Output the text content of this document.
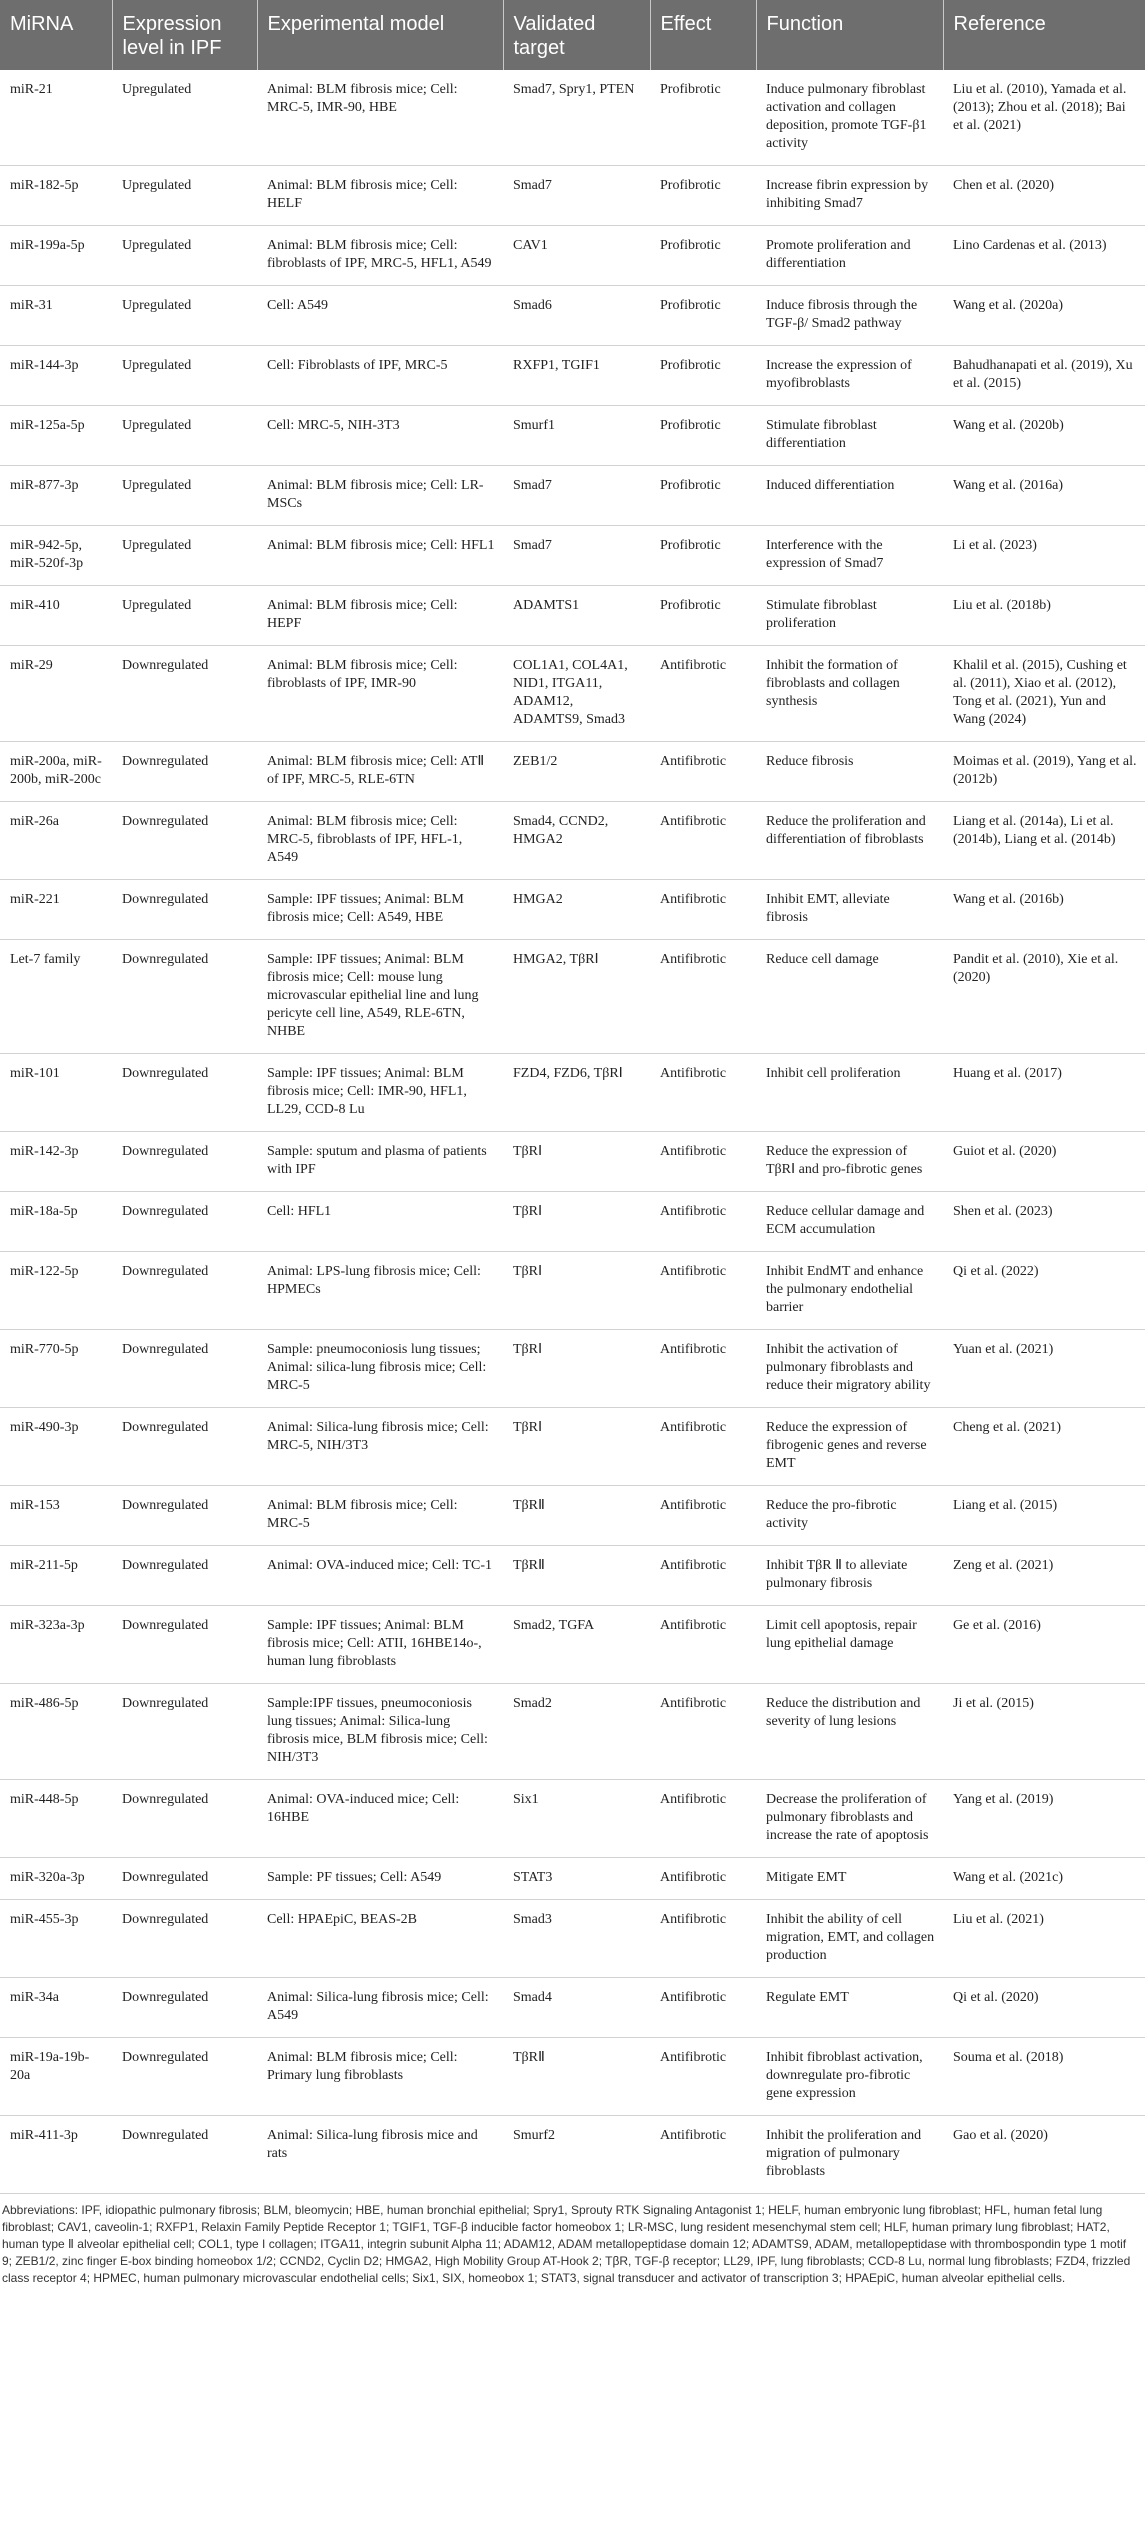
MiRNA	Expression level in IPF	Experimental model	Validated target	Effect	Function	Reference
miR-21	Upregulated	Animal: BLM fibrosis mice; Cell: MRC-5, IMR-90, HBE	Smad7, Spry1, PTEN	Profibrotic	Induce pulmonary fibroblast activation and collagen deposition, promote TGF-β1 activity	Liu et al. (2010), Yamada et al. (2013); Zhou et al. (2018); Bai et al. (2021)
miR-182-5p	Upregulated	Animal: BLM fibrosis mice; Cell: HELF	Smad7	Profibrotic	Increase fibrin expression by inhibiting Smad7	Chen et al. (2020)
miR-199a-5p	Upregulated	Animal: BLM fibrosis mice; Cell: fibroblasts of IPF, MRC-5, HFL1, A549	CAV1	Profibrotic	Promote proliferation and differentiation	Lino Cardenas et al. (2013)
miR-31	Upregulated	Cell: A549	Smad6	Profibrotic	Induce fibrosis through the TGF-β/ Smad2 pathway	Wang et al. (2020a)
miR-144-3p	Upregulated	Cell: Fibroblasts of IPF, MRC-5	RXFP1, TGIF1	Profibrotic	Increase the expression of myofibroblasts	Bahudhanapati et al. (2019), Xu et al. (2015)
miR-125a-5p	Upregulated	Cell: MRC-5, NIH-3T3	Smurf1	Profibrotic	Stimulate fibroblast differentiation	Wang et al. (2020b)
miR-877-3p	Upregulated	Animal: BLM fibrosis mice; Cell: LR-MSCs	Smad7	Profibrotic	Induced differentiation	Wang et al. (2016a)
miR-942-5p, miR-520f-3p	Upregulated	Animal: BLM fibrosis mice; Cell: HFL1	Smad7	Profibrotic	Interference with the expression of Smad7	Li et al. (2023)
miR-410	Upregulated	Animal: BLM fibrosis mice; Cell: HEPF	ADAMTS1	Profibrotic	Stimulate fibroblast proliferation	Liu et al. (2018b)
miR-29	Downregulated	Animal: BLM fibrosis mice; Cell: fibroblasts of IPF, IMR-90	COL1A1, COL4A1, NID1, ITGA11, ADAM12, ADAMTS9, Smad3	Antifibrotic	Inhibit the formation of fibroblasts and collagen synthesis	Khalil et al. (2015), Cushing et al. (2011), Xiao et al. (2012), Tong et al. (2021), Yun and Wang (2024)
miR-200a, miR-200b, miR-200c	Downregulated	Animal: BLM fibrosis mice; Cell: ATⅡ of IPF, MRC-5, RLE-6TN	ZEB1/2	Antifibrotic	Reduce fibrosis	Moimas et al. (2019), Yang et al. (2012b)
miR-26a	Downregulated	Animal: BLM fibrosis mice; Cell: MRC-5, fibroblasts of IPF, HFL-1, A549	Smad4, CCND2, HMGA2	Antifibrotic	Reduce the proliferation and differentiation of fibroblasts	Liang et al. (2014a), Li et al. (2014b), Liang et al. (2014b)
miR-221	Downregulated	Sample: IPF tissues; Animal: BLM fibrosis mice; Cell: A549, HBE	HMGA2	Antifibrotic	Inhibit EMT, alleviate fibrosis	Wang et al. (2016b)
Let-7 family	Downregulated	Sample: IPF tissues; Animal: BLM fibrosis mice; Cell: mouse lung microvascular epithelial line and lung pericyte cell line, A549, RLE-6TN, NHBE	HMGA2, TβRⅠ	Antifibrotic	Reduce cell damage	Pandit et al. (2010), Xie et al. (2020)
miR-101	Downregulated	Sample: IPF tissues; Animal: BLM fibrosis mice; Cell: IMR-90, HFL1, LL29, CCD-8 Lu	FZD4, FZD6, TβRⅠ	Antifibrotic	Inhibit cell proliferation	Huang et al. (2017)
miR-142-3p	Downregulated	Sample: sputum and plasma of patients with IPF	TβRⅠ	Antifibrotic	Reduce the expression of TβRⅠ and pro-fibrotic genes	Guiot et al. (2020)
miR-18a-5p	Downregulated	Cell: HFL1	TβRⅠ	Antifibrotic	Reduce cellular damage and ECM accumulation	Shen et al. (2023)
miR-122-5p	Downregulated	Animal: LPS-lung fibrosis mice; Cell: HPMECs	TβRⅠ	Antifibrotic	Inhibit EndMT and enhance the pulmonary endothelial barrier	Qi et al. (2022)
miR-770-5p	Downregulated	Sample: pneumoconiosis lung tissues; Animal: silica-lung fibrosis mice; Cell: MRC-5	TβRⅠ	Antifibrotic	Inhibit the activation of pulmonary fibroblasts and reduce their migratory ability	Yuan et al. (2021)
miR-490-3p	Downregulated	Animal: Silica-lung fibrosis mice; Cell: MRC-5, NIH/3T3	TβRⅠ	Antifibrotic	Reduce the expression of fibrogenic genes and reverse EMT	Cheng et al. (2021)
miR-153	Downregulated	Animal: BLM fibrosis mice; Cell: MRC-5	TβRⅡ	Antifibrotic	Reduce the pro-fibrotic activity	Liang et al. (2015)
miR-211-5p	Downregulated	Animal: OVA-induced mice; Cell: TC-1	TβRⅡ	Antifibrotic	Inhibit TβR Ⅱ to alleviate pulmonary fibrosis	Zeng et al. (2021)
miR-323a-3p	Downregulated	Sample: IPF tissues; Animal: BLM fibrosis mice; Cell: ATII, 16HBE14o-, human lung fibroblasts	Smad2, TGFA	Antifibrotic	Limit cell apoptosis, repair lung epithelial damage	Ge et al. (2016)
miR-486-5p	Downregulated	Sample:IPF tissues, pneumoconiosis lung tissues; Animal: Silica-lung fibrosis mice, BLM fibrosis mice; Cell: NIH/3T3	Smad2	Antifibrotic	Reduce the distribution and severity of lung lesions	Ji et al. (2015)
miR-448-5p	Downregulated	Animal: OVA-induced mice; Cell: 16HBE	Six1	Antifibrotic	Decrease the proliferation of pulmonary fibroblasts and increase the rate of apoptosis	Yang et al. (2019)
miR-320a-3p	Downregulated	Sample: PF tissues; Cell: A549	STAT3	Antifibrotic	Mitigate EMT	Wang et al. (2021c)
miR-455-3p	Downregulated	Cell: HPAEpiC, BEAS-2B	Smad3	Antifibrotic	Inhibit the ability of cell migration, EMT, and collagen production	Liu et al. (2021)
miR-34a	Downregulated	Animal: Silica-lung fibrosis mice; Cell: A549	Smad4	Antifibrotic	Regulate EMT	Qi et al. (2020)
miR-19a-19b-20a	Downregulated	Animal: BLM fibrosis mice; Cell: Primary lung fibroblasts	TβRⅡ	Antifibrotic	Inhibit fibroblast activation, downregulate pro-fibrotic gene expression	Souma et al. (2018)
miR-411-3p	Downregulated	Animal: Silica-lung fibrosis mice and rats	Smurf2	Antifibrotic	Inhibit the proliferation and migration of pulmonary fibroblasts	Gao et al. (2020)
Abbreviations: IPF, idiopathic pulmonary fibrosis; BLM, bleomycin; HBE, human bronchial epithelial; Spry1, Sprouty RTK Signaling Antagonist 1; HELF, human embryonic lung fibroblast; HFL, human fetal lung fibroblast; CAV1, caveolin-1; RXFP1, Relaxin Family Peptide Receptor 1; TGIF1, TGF-β inducible factor homeobox 1; LR-MSC, lung resident mesenchymal stem cell; HLF, human primary lung fibroblast; HAT2, human type Ⅱ alveolar epithelial cell; COL1, type I collagen; ITGA11, integrin subunit Alpha 11; ADAM12, ADAM metallopeptidase domain 12; ADAMTS9, ADAM, metallopeptidase with thrombospondin type 1 motif 9; ZEB1/2, zinc finger E-box binding homeobox 1/2; CCND2, Cyclin D2; HMGA2, High Mobility Group AT-Hook 2; TβR, TGF-β receptor; LL29, IPF, lung fibroblasts; CCD-8 Lu, normal lung fibroblasts; FZD4, frizzled class receptor 4; HPMEC, human pulmonary microvascular endothelial cells; Six1, SIX, homeobox 1; STAT3, signal transducer and activator of transcription 3; HPAEpiC, human alveolar epithelial cells.
